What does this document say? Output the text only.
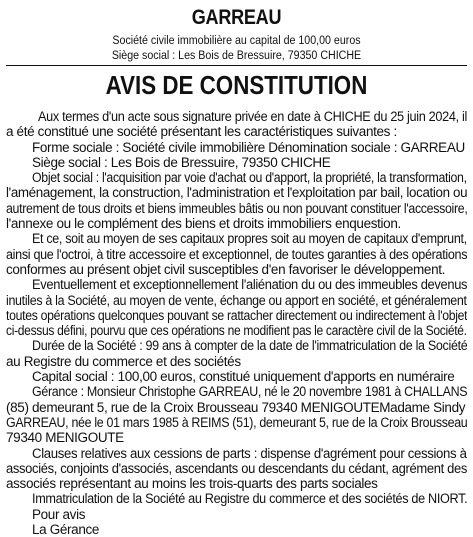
GARREAU

Société civile immobilière au capital de 100,00 euros

Siège social : Les Bois de Bressuire, 79350 CHICHE

AVIS DE CONSTITUTION
Aux termes d'un acte sous signature privée en date à CHICHE du 25 juin 2024, il
a été constitué une société présentant les caractéristiques suivantes :
Forme sociale : Société civile immobilière Dénomination sociale : GARREAU
Siège social : Les Bois de Bressuire, 79350 CHICHE
Objet social : l'acquisition par voie d'achat ou d'apport, la propriété, la transformation,
l'aménagement, la construction, l'administration et l'exploitation par bail, location ou
autrement de tous droits et biens immeubles bâtis ou non pouvant constituer l'accessoire,
l'annexe ou le complément des biens et droits immobiliers enquestion.
Et ce, soit au moyen de ses capitaux propres soit au moyen de capitaux d'emprunt,
ainsi que l'octroi, à titre accessoire et exceptionnel, de toutes garanties à des opérations
conformes au présent objet civil susceptibles d'en favoriser le développement.
Eventuellement et exceptionnellement l'aliénation du ou des immeubles devenus
inutiles à la Société, au moyen de vente, échange ou apport en société, et généralement
toutes opérations quelconques pouvant se rattacher directement ou indirectement à l'objet
ci-dessus défini, pourvu que ces opérations ne modifient pas le caractère civil de la Société.
Durée de la Société : 99 ans à compter de la date de l'immatriculation de la Société
au Registre du commerce et des sociétés
Capital social : 100,00 euros, constitué uniquement d'apports en numéraire
Gérance : Monsieur Christophe GARREAU, né le 20 novembre 1981 à CHALLANS
(85) demeurant 5, rue de la Croix Brousseau 79340 MENIGOUTEMadame Sindy
GARREAU, née le 01 mars 1985 à REIMS (51), demeurant 5, rue de la Croix Brousseau
79340 MENIGOUTE
Clauses relatives aux cessions de parts : dispense d'agrément pour cessions à
associés, conjoints d'associés, ascendants ou descendants du cédant, agrément des
associés représentant au moins les trois-quarts des parts sociales
Immatriculation de la Société au Registre du commerce et des sociétés de NIORT.
Pour avis
La Gérance
